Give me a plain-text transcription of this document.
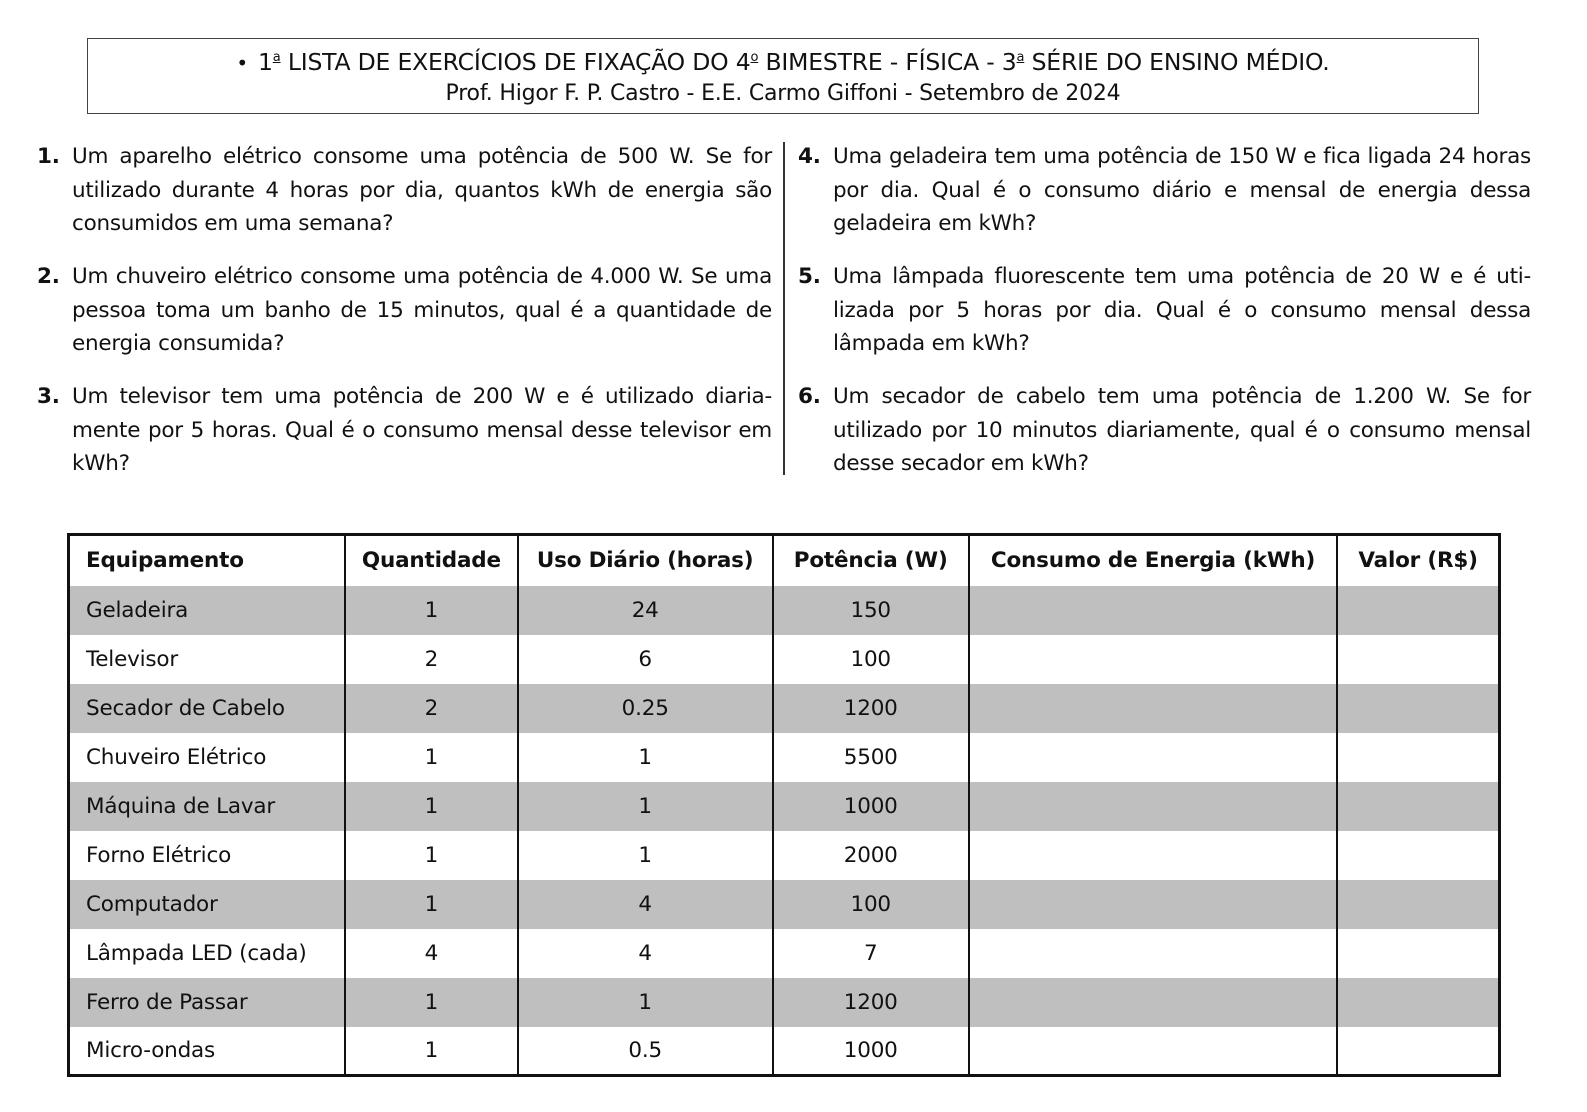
• 1$^a$ LISTA DE EXERCÍCIOS DE FIXAÇÃO DO 4$^o$ BIMESTRE - FÍSICA - 3$^a$ SÉRIE DO ENSINO MÉDIO.
Prof. Higor F. P. Castro - E.E. Carmo Giffoni - Setembro de 2024
1. Um aparelho elétrico consome uma potência de 500 W. Se for utilizado durante 4 horas por dia, quantos kWh de energia são consumidos em uma semana?
2. Um chuveiro elétrico consome uma potência de 4.000 W. Se uma pessoa toma um banho de 15 minutos, qual é a quantidade de energia consumida?
3. Um televisor tem uma potência de 200 W e é utilizado diaria-mente por 5 horas. Qual é o consumo mensal desse televisor em kWh?
4. Uma geladeira tem uma potência de 150 W e fica ligada 24 horas por dia. Qual é o consumo diário e mensal de energia dessa geladeira em kWh?
5. Uma lâmpada fluorescente tem uma potência de 20 W e é uti-lizada por 5 horas por dia. Qual é o consumo mensal dessa lâmpada em kWh?
6. Um secador de cabelo tem uma potência de 1.200 W. Se for utilizado por 10 minutos diariamente, qual é o consumo mensal desse secador em kWh?
Equipamento	Quantidade	Uso Diário (horas)	Potência (W)	Consumo de Energia (kWh)	Valor (R$)
Geladeira	1	24	150		
Televisor	2	6	100		
Secador de Cabelo	2	0.25	1200		
Chuveiro Elétrico	1	1	5500		
Máquina de Lavar	1	1	1000		
Forno Elétrico	1	1	2000		
Computador	1	4	100		
Lâmpada LED (cada)	4	4	7		
Ferro de Passar	1	1	1200		
Micro-ondas	1	0.5	1000		
